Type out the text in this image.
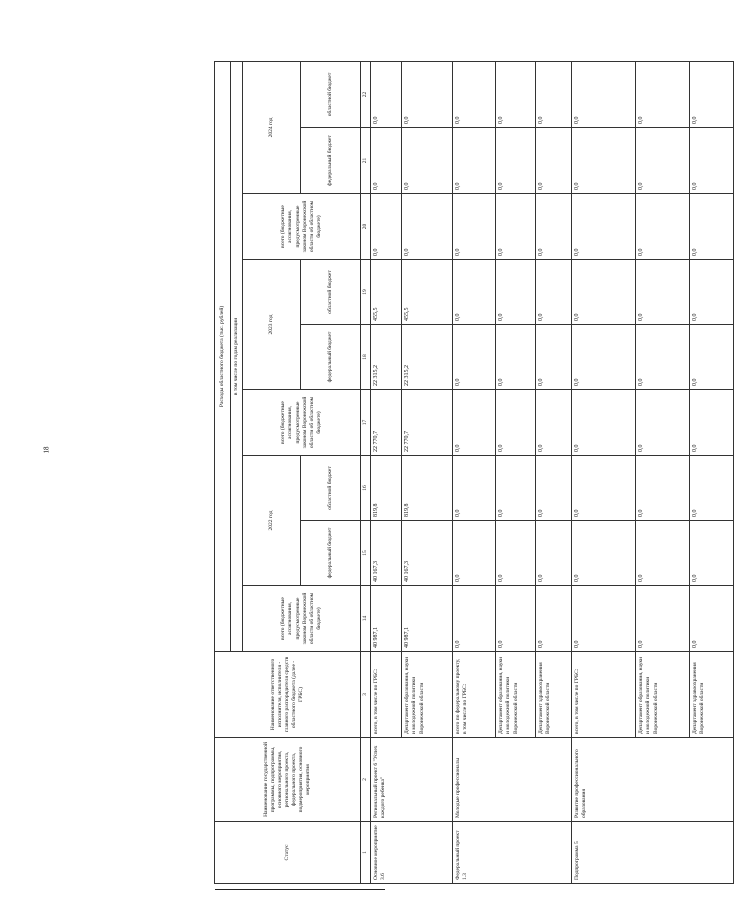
18
Статус	Наименование государственной программы, подпрограммы, основного мероприятия, регионального проекта, федерального проекта, подмероприятия, основного мероприятия	Наименование ответственного исполнителя, исполнителя - главного распорядителя средств областного бюджета (далее - ГРБС)	Расходы областного бюджета (тыс. рублей)								
			в том числе по годам реализации								
			всего (бюджетные ассигнования, предусмотренные законом Воронежской области об областном бюджете)	2022 год		всего (бюджетные ассигнования, предусмотренные законом Воронежской области об областном бюджете)	2023 год		всего (бюджетные ассигнования, предусмотренные законом Воронежской области об областном бюджете)	2024 год	
				федеральный бюджет	областной бюджет		федеральный бюджет	областной бюджет		федеральный бюджет	областной бюджет
1	2	3	14	15	16	17	18	19	20	21	22
Основное мероприятие 3.6	Региональный проект 6 "Успех каждого ребенка"	всего, в том числе по ГРБС:	40 987,1	40 167,3	819,8	22 770,7	22 315,2	455,5	0,0	0,0	0,0
		Департамент образования, науки и молодежной политики Воронежской области	40 987,1	40 167,3	819,8	22 770,7	22 315,2	455,5	0,0	0,0	0,0
Федеральный проект 1.3	Молодые профессионалы	всего по федеральному проекту, в том числе по ГРБС:	0,0	0,0	0,0	0,0	0,0	0,0	0,0	0,0	0,0
		Департамент образования, науки и молодежной политики Воронежской области	0,0	0,0	0,0	0,0	0,0	0,0	0,0	0,0	0,0
		Департамент здравоохранения Воронежской области	0,0	0,0	0,0	0,0	0,0	0,0	0,0	0,0	0,0
Подпрограмма 5	Развитие профессионального образования	всего, в том числе по ГРБС:	0,0	0,0	0,0	0,0	0,0	0,0	0,0	0,0	0,0
		Департамент образования, науки и молодежной политики Воронежской области	0,0	0,0	0,0	0,0	0,0	0,0	0,0	0,0	0,0
		Департамент здравоохранения Воронежской области	0,0	0,0	0,0	0,0	0,0	0,0	0,0	0,0	0,0
